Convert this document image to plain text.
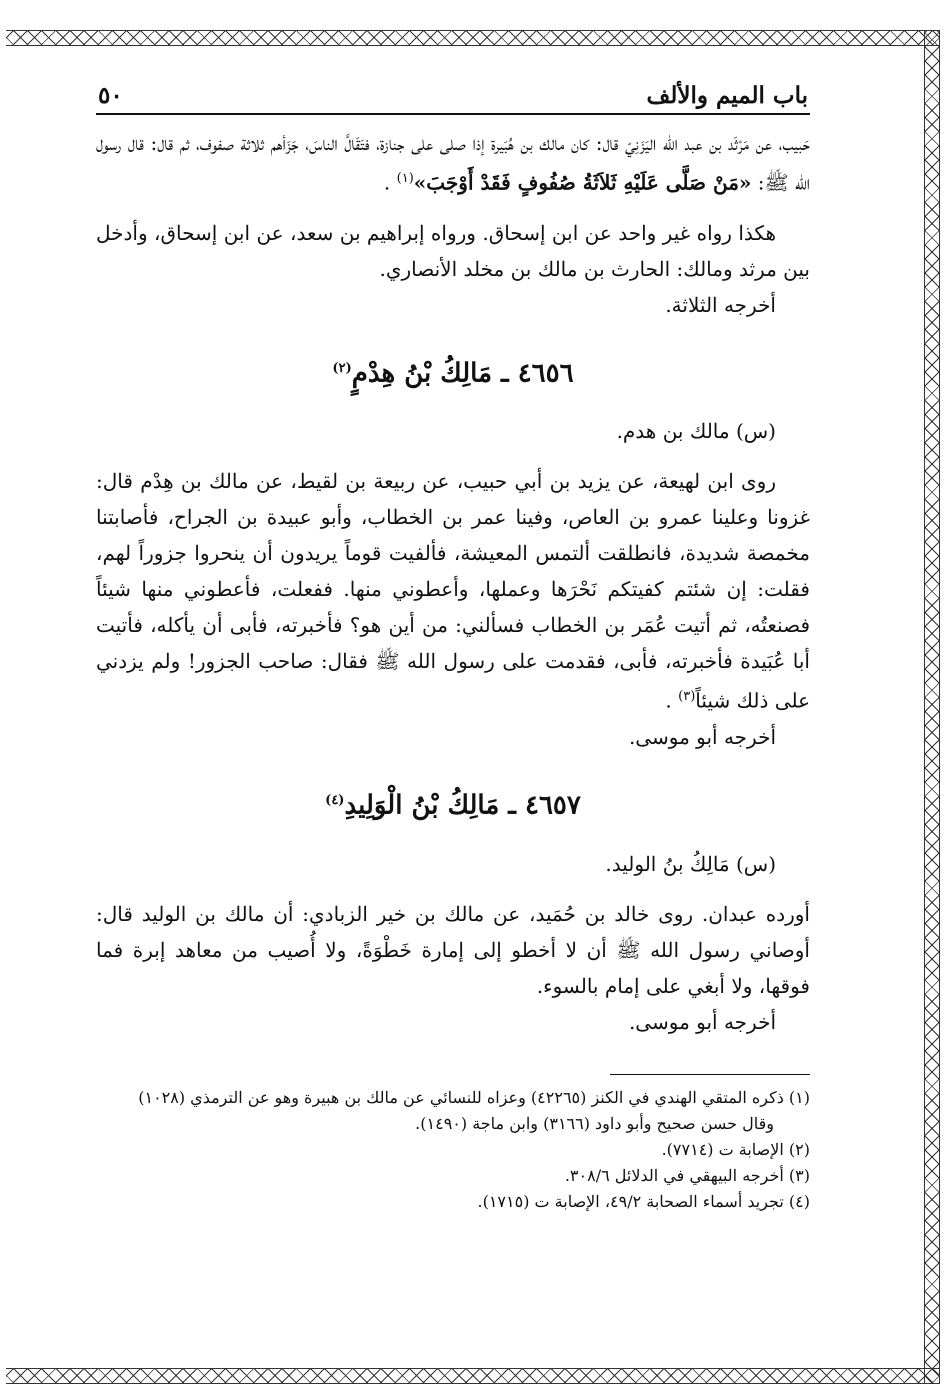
باب الميم والألف
٥٠

حَبيب، عن مَرْثَد بن عبد الله اليَزَنِيّ قال: كان مالك بن هُبَيرة إذا صلى على جنازة، فتَقَالَّ الناسَ، جَزَأهم ثلاثة صفوف، ثم قال: قال رسول الله ﷺ: «مَنْ صَلَّى عَلَيْهِ ثَلاَثَةُ صُفُوفٍ فَقَدْ أَوْجَبَ»$^{(١)}$ .

هكذا رواه غير واحد عن ابن إسحاق. ورواه إبراهيم بن سعد، عن ابن إسحاق، وأدخل بين مرثد ومالك: الحارث بن مالك بن مخلد الأنصاري.

أخرجه الثلاثة.

٤٦٥٦ ـ مَالِكُ بْنُ هِدْمٍ$^{(٢)}$

(س) مالك بن هدم.

روى ابن لهيعة، عن يزيد بن أبي حبيب، عن ربيعة بن لقيط، عن مالك بن هِدْم قال: غزونا وعلينا عمرو بن العاص، وفينا عمر بن الخطاب، وأبو عبيدة بن الجراح، فأصابتنا مخمصة شديدة، فانطلقت ألتمس المعيشة، فألفيت قوماً يريدون أن ينحروا جزوراً لهم، فقلت: إن شئتم كفيتكم نَحْرَها وعملها، وأعطوني منها. ففعلت، فأعطوني منها شيئاً فصنعتُه، ثم أتيت عُمَر بن الخطاب فسألني: من أين هو؟ فأخبرته، فأبى أن يأكله، فأتيت أبا عُبَيدة فأخبرته، فأبى، فقدمت على رسول الله ﷺ فقال: صاحب الجزور! ولم يزدني على ذلك شيئاً$^{(٣)}$ .

أخرجه أبو موسى.

٤٦٥٧ ـ مَالِكُ بْنُ الْوَلِيدِ$^{(٤)}$

(س) مَالِكُ بنُ الوليد.

أورده عبدان. روى خالد بن حُمَيد، عن مالك بن خير الزبادي: أن مالك بن الوليد قال: أوصاني رسول الله ﷺ أن لا أخطو إلى إمارة خَطْوَةً، ولا أُصيب من معاهد إبرة فما فوقها، ولا أبغي على إمام بالسوء.

أخرجه أبو موسى.

(١) ذكره المتقي الهندي في الكنز (٤٢٢٦٥) وعزاه للنسائي عن مالك بن هبيرة وهو عن الترمذي (١٠٢٨)

وقال حسن صحيح وأبو داود (٣١٦٦) وابن ماجة (١٤٩٠).

(٢) الإصابة ت (٧٧١٤).

(٣) أخرجه البيهقي في الدلائل ٣٠٨/٦.

(٤) تجريد أسماء الصحابة ٤٩/٢، الإصابة ت (١٧١٥).
